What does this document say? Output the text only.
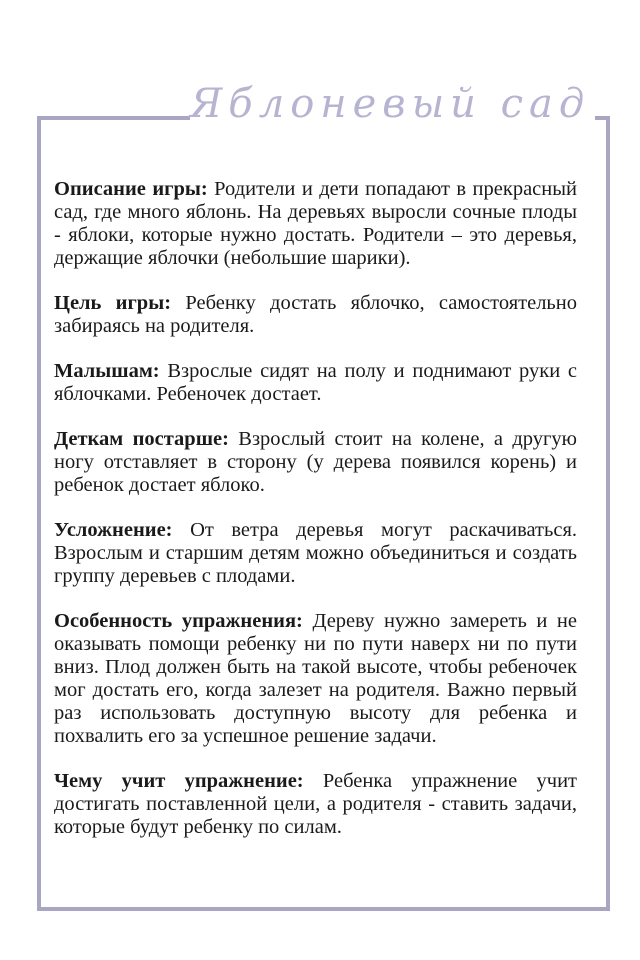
Яблоневый сад

Описание игры: Родители и дети попадают в прекрасный сад, где много яблонь. На деревьях выросли сочные плоды - яблоки, которые нужно достать. Родители – это деревья, держащие яблочки (небольшие шарики).

Цель игры: Ребенку достать яблочко, самостоятельно забираясь на родителя.

Малышам: Взрослые сидят на полу и поднимают руки с яблочками. Ребеночек достает.

Деткам постарше: Взрослый стоит на колене, а другую ногу отставляет в сторону (у дерева появился корень) и ребенок достает яблоко.

Усложнение: От ветра деревья могут раскачиваться. Взрослым и старшим детям можно объединиться и создать группу деревьев с плодами.

Особенность упражнения: Дереву нужно замереть и не оказывать помощи ребенку ни по пути наверх ни по пути вниз. Плод должен быть на такой высоте, чтобы ребеночек мог достать его, когда залезет на родителя. Важно первый раз использовать доступную высоту для ребенка и похвалить его за успешное решение задачи.

Чему учит упражнение: Ребенка упражнение учит достигать поставленной цели, а родителя - ставить задачи, которые будут ребенку по силам.
